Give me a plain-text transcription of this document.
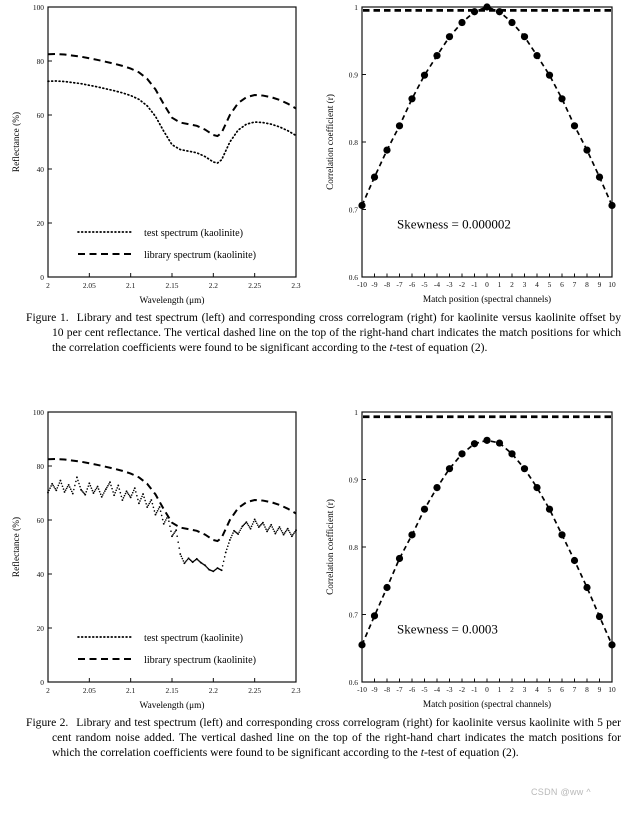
2	2.05	2.1	2.15	2.2	2.25	2.3
0
20
40
60
80
100
Wavelength (μm)
Reflectance (%)
test spectrum (kaolinite)
library spectrum (kaolinite)
-10 -9 -8 -7 -6 -5 -4 -3 -2 -1 0 1 2 3 4 5 6 7 8 9 10
0.6
0.7
0.8
0.9
1
Match position (spectral channels)
Correlation coefficient (r)
Skewness = 0.000002
Figure 1. Library and test spectrum (left) and corresponding cross correlogram (right) for kaolinite versus kaolinite offset by 10 per cent reflectance. The vertical dashed line on the top of the right-hand chart indicates the match positions for which the correlation coefficients were found to be significant according to the t-test of equation (2).
2	2.05	2.1	2.15	2.2	2.25	2.3
0
20
40
60
80
100
Wavelength (μm)
Reflectance (%)
test spectrum (kaolinite)
library spectrum (kaolinite)
-10 -9 -8 -7 -6 -5 -4 -3 -2 -1 0 1 2 3 4 5 6 7 8 9 10
0.6
0.7
0.8
0.9
1
Match position (spectral channels)
Correlation coefficient (r)
Skewness = 0.0003
Figure 2. Library and test spectrum (left) and corresponding cross correlogram (right) for kaolinite versus kaolinite with 5 per cent random noise added. The vertical dashed line on the top of the right-hand chart indicates the match positions for which the correlation coefficients were found to be significant according to the t-test of equation (2).
CSDN @ww ^
